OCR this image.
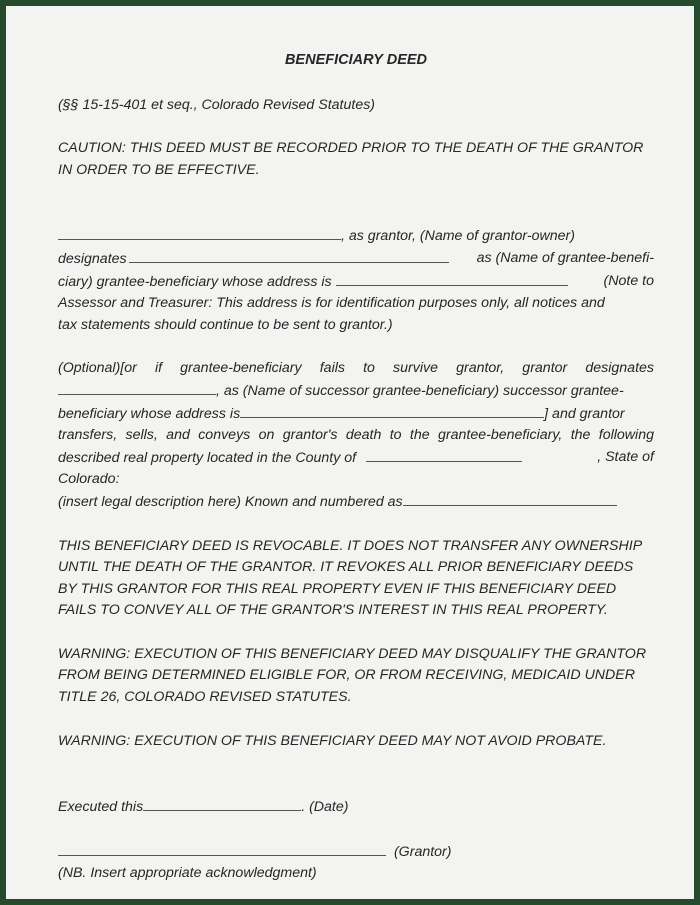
BENEFICIARY DEED

(§§ 15-15-401 et seq., Colorado Revised Statutes)

CAUTION: THIS DEED MUST BE RECORDED PRIOR TO THE DEATH OF THE GRANTOR

IN ORDER TO BE EFFECTIVE.

, as grantor, (Name of grantor-owner)

designates	as (Name of grantee-benefi-

ciary) grantee-beneficiary whose address is	(Note to

Assessor and Treasurer: This address is for identification purposes only, all notices and

tax statements should continue to be sent to grantor.)

(Optional)[or if grantee-beneficiary fails to survive grantor, grantor designates

, as (Name of successor grantee-beneficiary) successor grantee-

beneficiary whose address is	] and grantor

transfers, sells, and conveys on grantor's death to the grantee-beneficiary, the following

described real property located in the County of	, State of

Colorado:

(insert legal description here) Known and numbered as

THIS BENEFICIARY DEED IS REVOCABLE. IT DOES NOT TRANSFER ANY OWNERSHIP

UNTIL THE DEATH OF THE GRANTOR. IT REVOKES ALL PRIOR BENEFICIARY DEEDS

BY THIS GRANTOR FOR THIS REAL PROPERTY EVEN IF THIS BENEFICIARY DEED

FAILS TO CONVEY ALL OF THE GRANTOR'S INTEREST IN THIS REAL PROPERTY.

WARNING: EXECUTION OF THIS BENEFICIARY DEED MAY DISQUALIFY THE GRANTOR

FROM BEING DETERMINED ELIGIBLE FOR, OR FROM RECEIVING, MEDICAID UNDER

TITLE 26, COLORADO REVISED STATUTES.

WARNING: EXECUTION OF THIS BENEFICIARY DEED MAY NOT AVOID PROBATE.

Executed this	. (Date)

(Grantor)

(NB. Insert appropriate acknowledgment)
